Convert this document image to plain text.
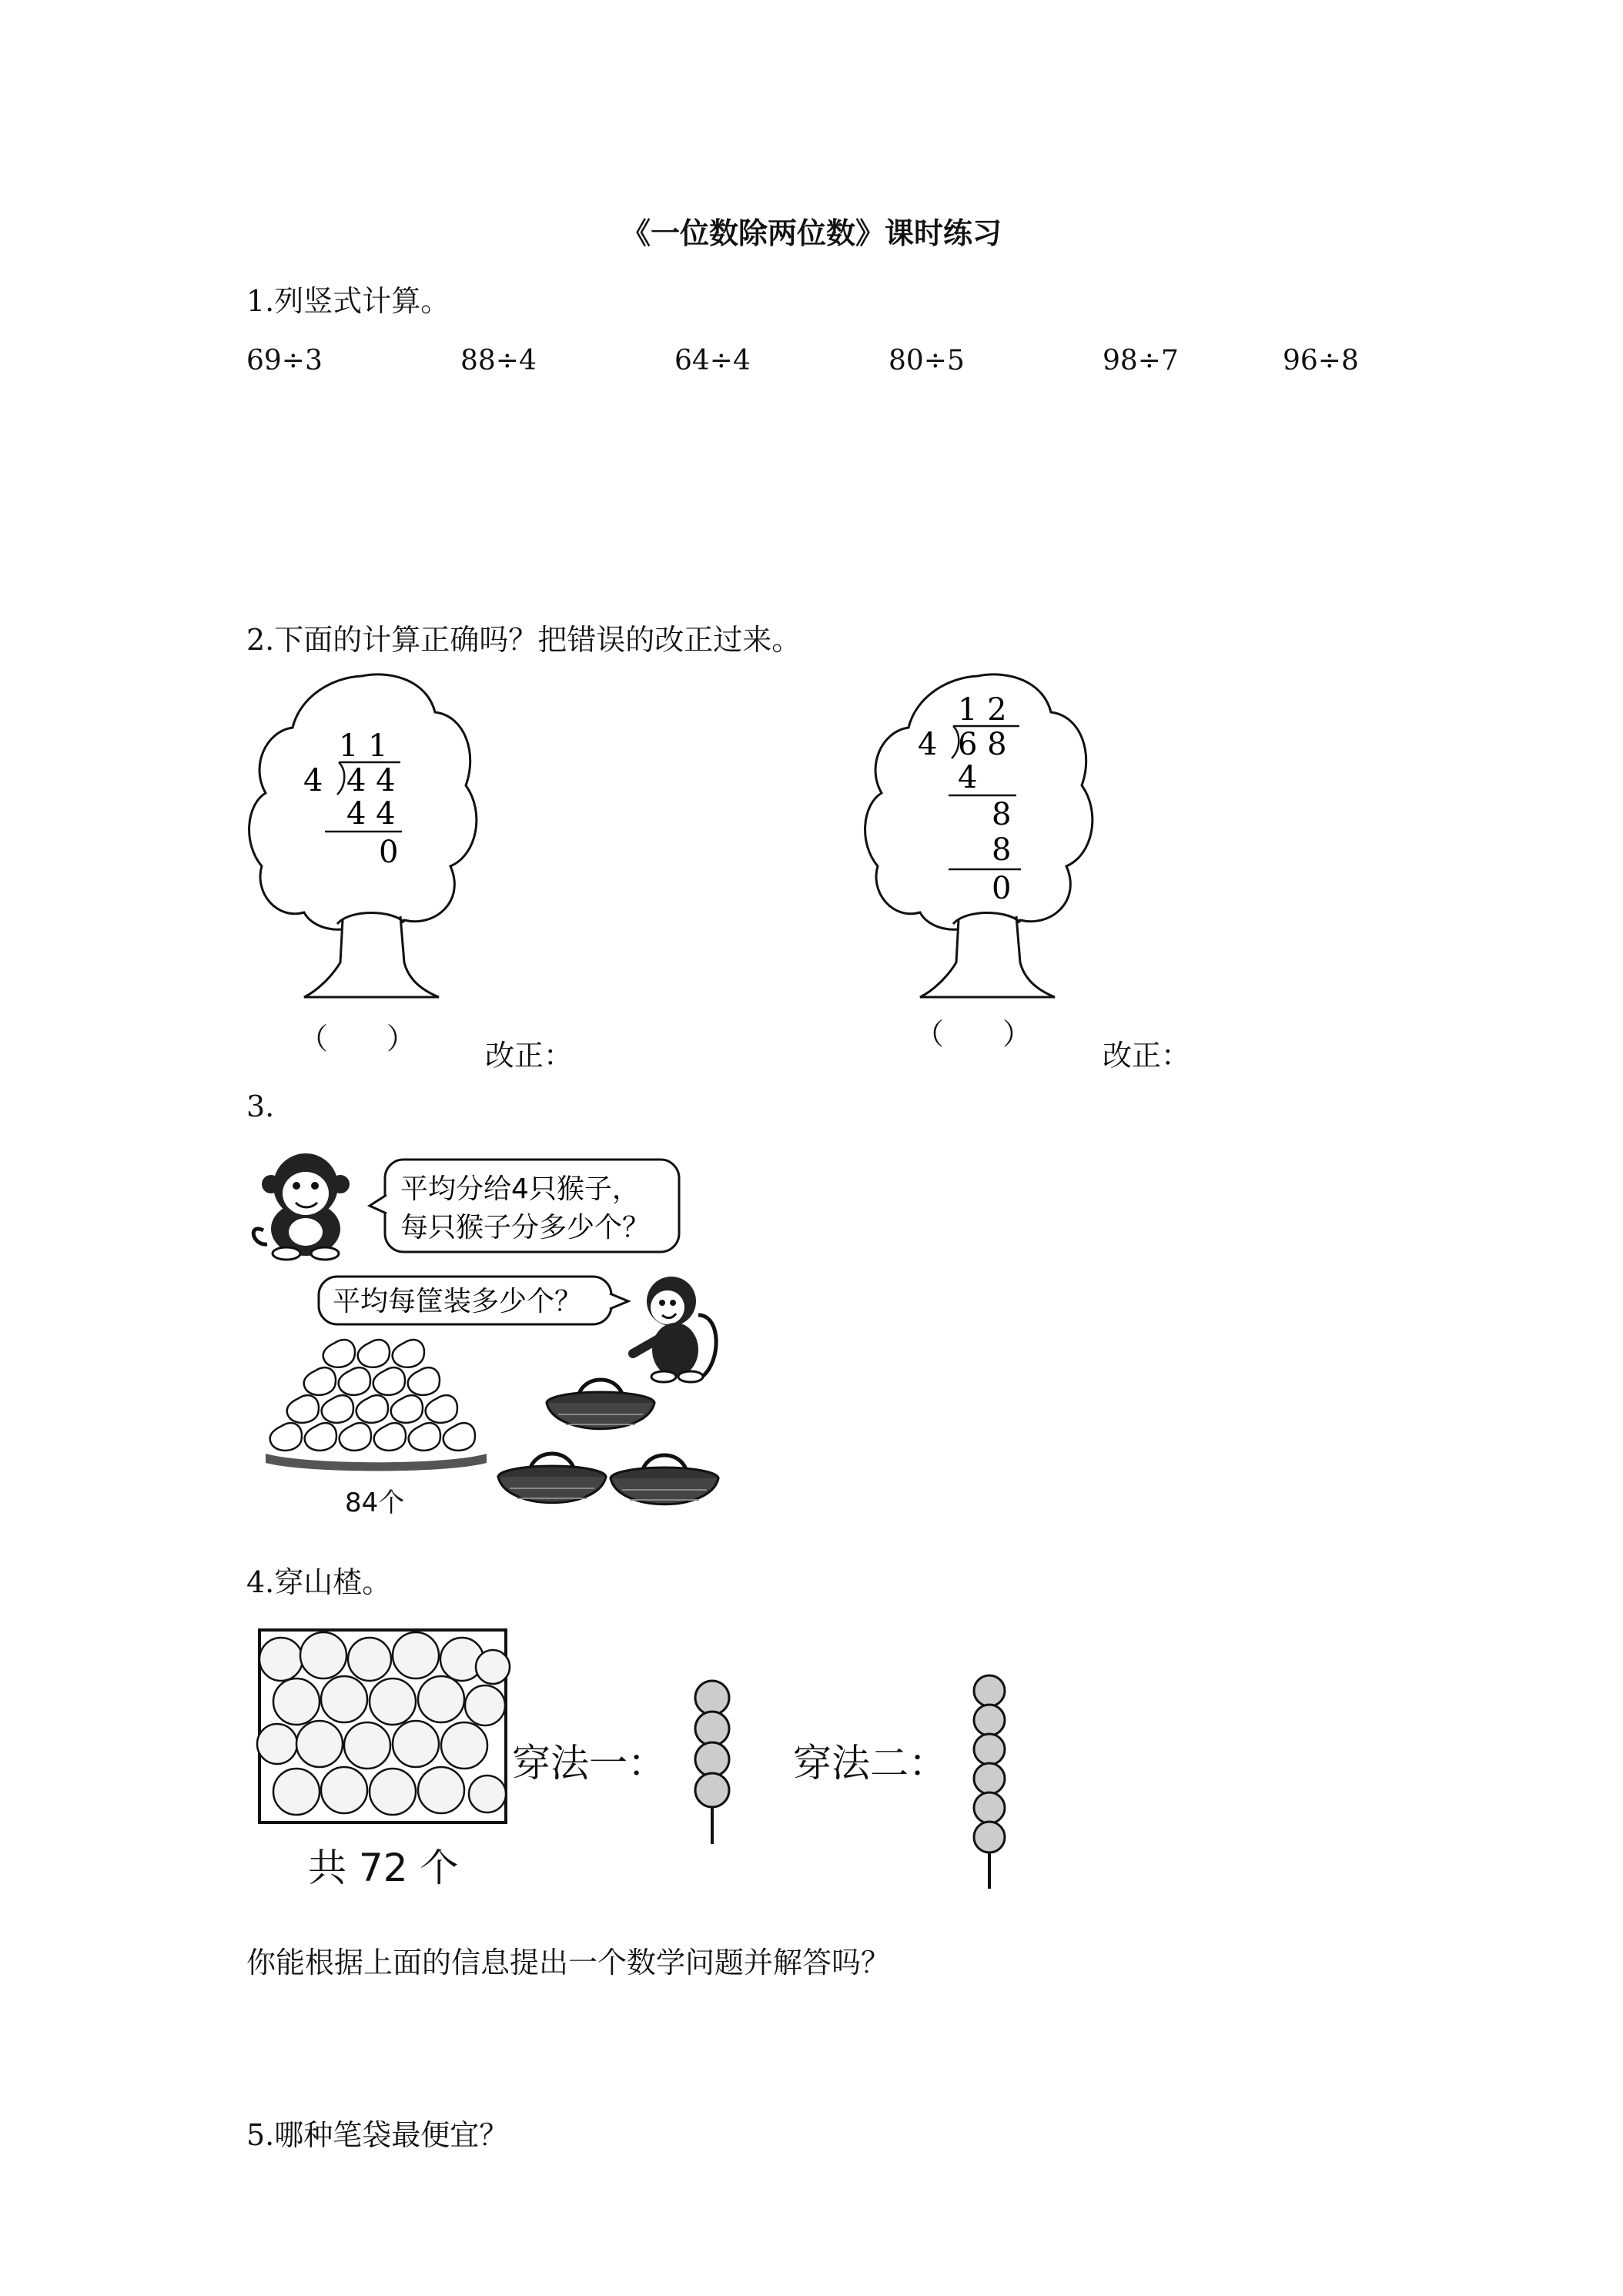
《一位数除两位数》课时练习
1.列竖式计算。
69÷3	88÷4	64÷4	80÷5	98÷7	96÷8
2.下面的计算正确吗？把错误的改正过来。
1 1
4 4 4
4 4
0
（　　） 改正：
1 2
4 6 8
4
8
8
0
（　　）
改正：
3.
平均分给4只猴子，
每只猴子分多少个？
平均每筐装多少个？
84个
4.穿山楂。
共 72 个
穿法一：	穿法二：
你能根据上面的信息提出一个数学问题并解答吗？
5.哪种笔袋最便宜？
